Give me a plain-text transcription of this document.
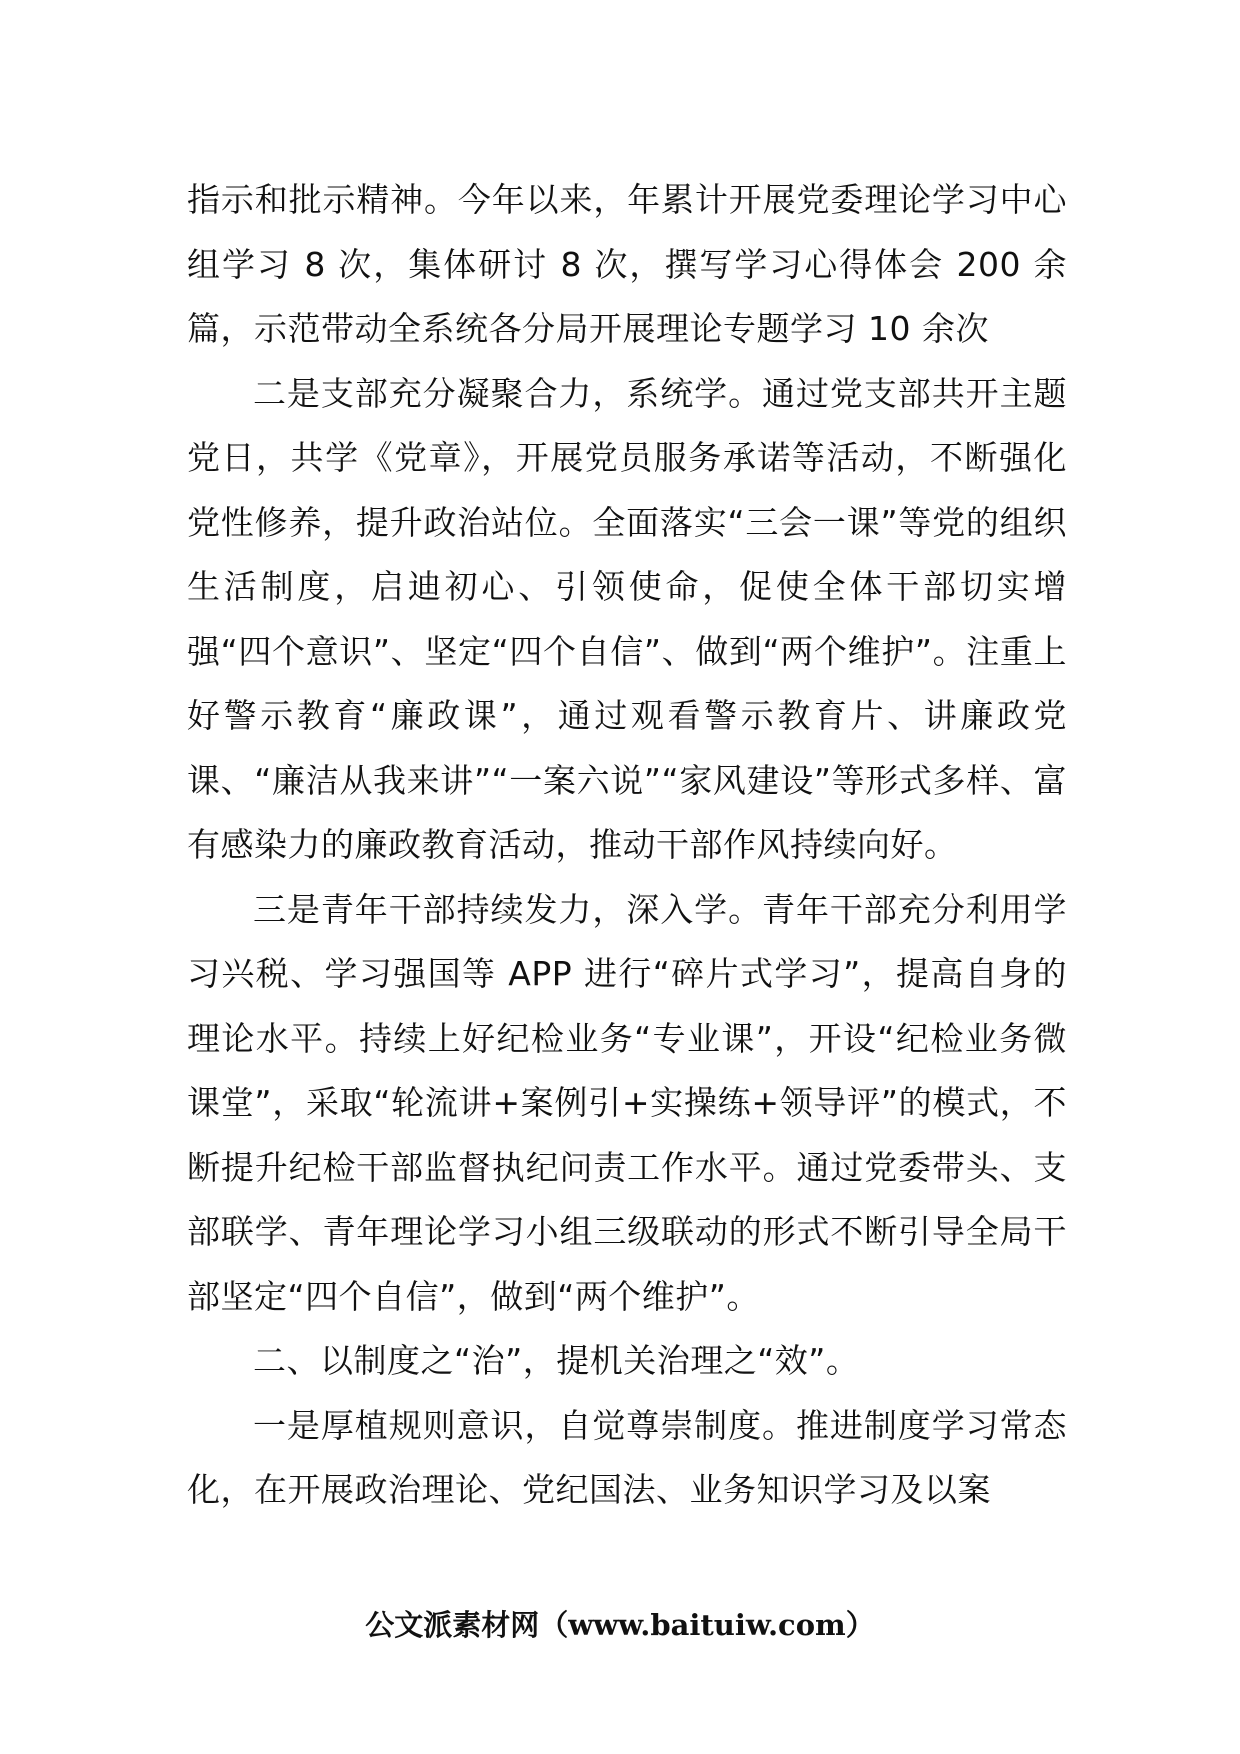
指示和批示精神。今年以来，年累计开展党委理论学习中心组学习 8 次，集体研讨 8 次，撰写学习心得体会 200 余篇，示范带动全系统各分局开展理论专题学习 10 余次

二是支部充分凝聚合力，系统学。通过党支部共开主题党日，共学《党章》，开展党员服务承诺等活动，不断强化党性修养，提升政治站位。全面落实“三会一课”等党的组织生活制度，启迪初心、引领使命，促使全体干部切实增强“四个意识”、坚定“四个自信”、做到“两个维护”。注重上好警示教育“廉政课”，通过观看警示教育片、讲廉政党课、“廉洁从我来讲”“一案六说”“家风建设”等形式多样、富有感染力的廉政教育活动，推动干部作风持续向好。

三是青年干部持续发力，深入学。青年干部充分利用学习兴税、学习强国等 APP 进行“碎片式学习”，提高自身的理论水平。持续上好纪检业务“专业课”，开设“纪检业务微课堂”，采取“轮流讲+案例引+实操练+领导评”的模式，不断提升纪检干部监督执纪问责工作水平。通过党委带头、支部联学、青年理论学习小组三级联动的形式不断引导全局干部坚定“四个自信”，做到“两个维护”。

二、以制度之“治”，提机关治理之“效”。

一是厚植规则意识，自觉尊崇制度。推进制度学习常态化，在开展政治理论、党纪国法、业务知识学习及以案

公文派素材网（www.baituiw.com）
